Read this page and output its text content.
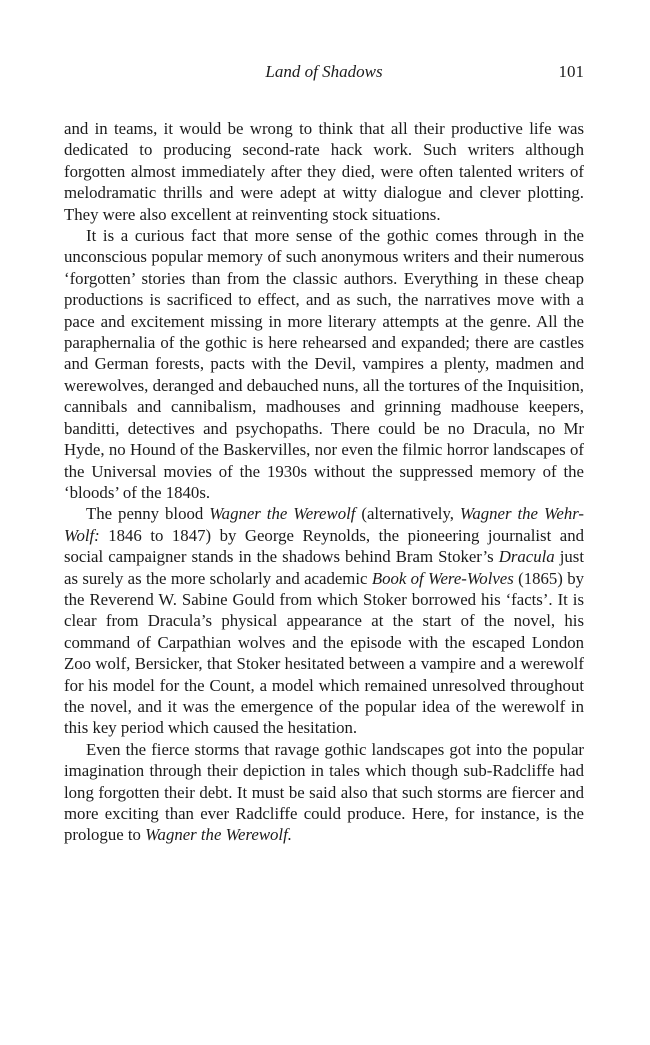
Land of Shadows	101

and in teams, it would be wrong to think that all their productive life was dedicated to producing second-rate hack work. Such writers although forgotten almost immediately after they died, were often talented writers of melodramatic thrills and were adept at witty dialogue and clever plotting. They were also excellent at reinventing stock situations.

It is a curious fact that more sense of the gothic comes through in the unconscious popular memory of such anonymous writers and their numerous ‘forgotten’ stories than from the classic authors. Everything in these cheap productions is sacrificed to effect, and as such, the narratives move with a pace and excitement missing in more literary attempts at the genre. All the paraphernalia of the gothic is here rehearsed and expanded; there are castles and German forests, pacts with the Devil, vampires a plenty, madmen and werewolves, deranged and debauched nuns, all the tortures of the Inquisition, cannibals and cannibalism, madhouses and grinning madhouse keepers, banditti, detectives and psychopaths. There could be no Dracula, no Mr Hyde, no Hound of the Baskervilles, nor even the filmic horror landscapes of the Universal movies of the 1930s without the suppressed memory of the ‘bloods’ of the 1840s.

The penny blood Wagner the Werewolf (alternatively, Wagner the Wehr-Wolf: 1846 to 1847) by George Reynolds, the pioneering journalist and social campaigner stands in the shadows behind Bram Stoker’s Dracula just as surely as the more scholarly and academic Book of Were-Wolves (1865) by the Reverend W. Sabine Gould from which Stoker borrowed his ‘facts’. It is clear from Dracula’s physical appearance at the start of the novel, his command of Carpathian wolves and the episode with the escaped London Zoo wolf, Bersicker, that Stoker hesitated between a vampire and a werewolf for his model for the Count, a model which remained unresolved throughout the novel, and it was the emergence of the popular idea of the werewolf in this key period which caused the hesitation.

Even the fierce storms that ravage gothic landscapes got into the popular imagination through their depiction in tales which though sub-Radcliffe had long forgotten their debt. It must be said also that such storms are fiercer and more exciting than ever Radcliffe could produce. Here, for instance, is the prologue to Wagner the Werewolf.
